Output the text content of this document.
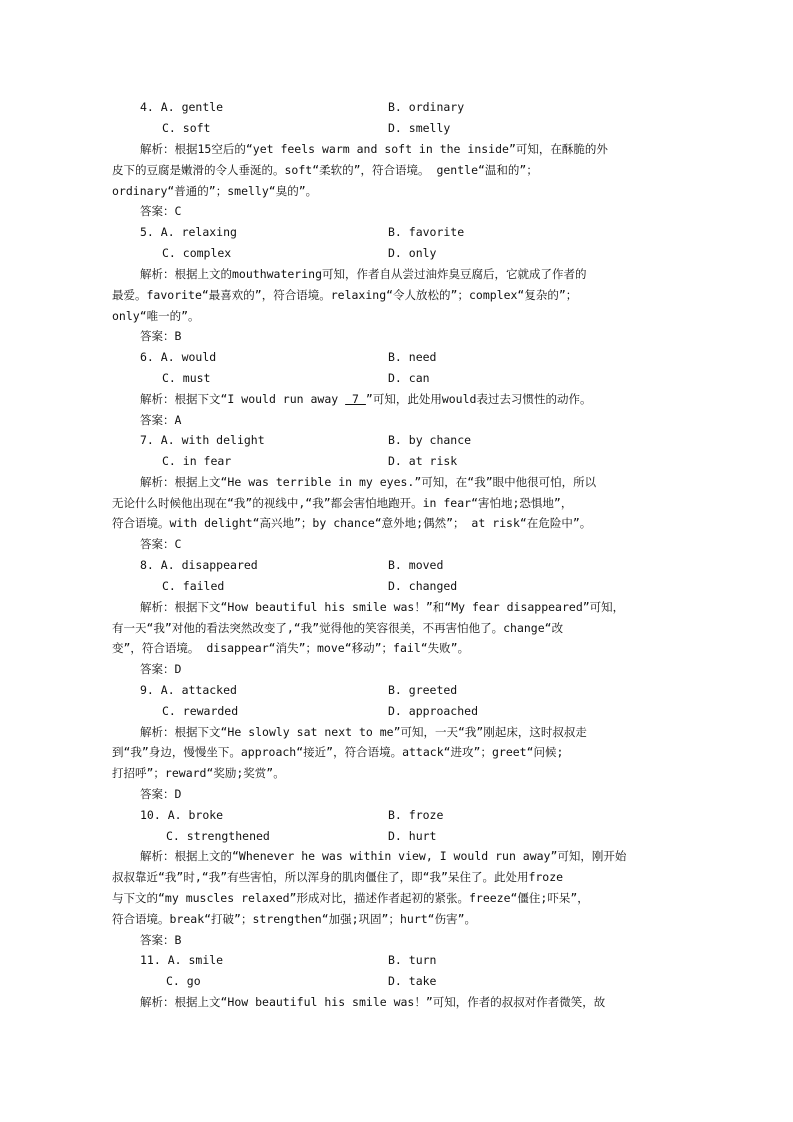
4. A. gentle	B. ordinary
C. soft	D. smelly
解析：根据15空后的“yet feels warm and soft in the inside”可知，在酥脆的外
皮下的豆腐是嫩滑的令人垂涎的。soft“柔软的”，符合语境。 gentle“温和的”；
ordinary“普通的”；smelly“臭的”。
答案：C
5. A. relaxing	B. favorite
C. complex	D. only
解析：根据上文的mouthwatering可知，作者自从尝过油炸臭豆腐后，它就成了作者的
最爱。favorite“最喜欢的”，符合语境。relaxing“令人放松的”；complex“复杂的”；
only“唯一的”。
答案：B
6. A. would	B. need
C. must	D. can
解析：根据下文“I would run away  7 ”可知，此处用would表过去习惯性的动作。
答案：A
7. A. with delight	B. by chance
C. in fear	D. at risk
解析：根据上文“He was terrible in my eyes.”可知，在“我”眼中他很可怕，所以
无论什么时候他出现在“我”的视线中,“我”都会害怕地跑开。in fear“害怕地;恐惧地”，
符合语境。with delight“高兴地”；by chance“意外地;偶然”； at risk“在危险中”。
答案：C
8. A. disappeared	B. moved
C. failed	D. changed
解析：根据下文“How beautiful his smile was！”和“My fear disappeared”可知，
有一天“我”对他的看法突然改变了,“我”觉得他的笑容很美，不再害怕他了。change“改
变”，符合语境。 disappear“消失”；move“移动”；fail“失败”。
答案：D
9. A. attacked	B. greeted
C. rewarded	D. approached
解析：根据下文“He slowly sat next to me”可知，一天“我”刚起床，这时叔叔走
到“我”身边，慢慢坐下。approach“接近”，符合语境。attack“进攻”；greet“问候;
打招呼”；reward“奖励;奖赏”。
答案：D
10. A. broke	B. froze
C. strengthened	D. hurt
解析：根据上文的“Whenever he was within view, I would run away”可知，刚开始
叔叔靠近“我”时,“我”有些害怕，所以浑身的肌肉僵住了，即“我”呆住了。此处用froze
与下文的“my muscles relaxed”形成对比，描述作者起初的紧张。freeze“僵住;吓呆”，
符合语境。break“打破”；strengthen“加强;巩固”；hurt“伤害”。
答案：B
11. A. smile	B. turn
C. go	D. take
解析：根据上文“How beautiful his smile was！”可知，作者的叔叔对作者微笑，故
